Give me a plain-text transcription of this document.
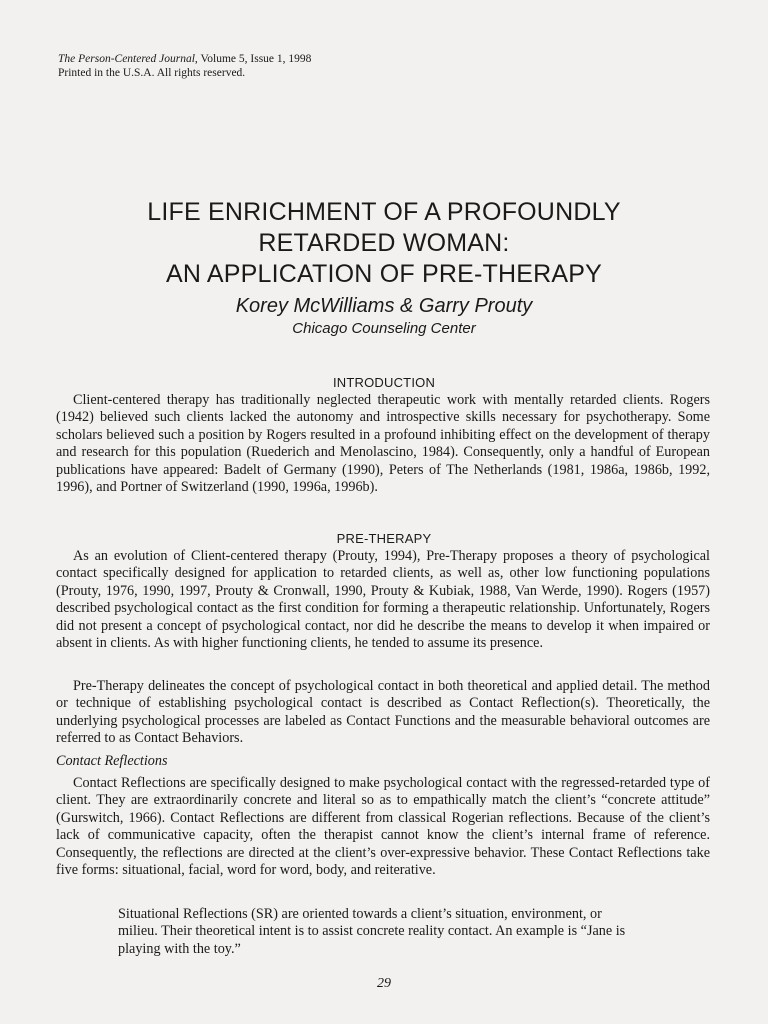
The Person-Centered Journal, Volume 5, Issue 1, 1998
Printed in the U.S.A. All rights reserved.
LIFE ENRICHMENT OF A PROFOUNDLY
RETARDED WOMAN:
AN APPLICATION OF PRE-THERAPY
Korey McWilliams & Garry Prouty
Chicago Counseling Center
INTRODUCTION
Client-centered therapy has traditionally neglected therapeutic work with mentally retarded clients. Rogers (1942) believed such clients lacked the autonomy and introspective skills necessary for psychotherapy. Some scholars believed such a position by Rogers resulted in a profound inhibiting effect on the development of therapy and research for this population (Ruederich and Menolascino, 1984). Consequently, only a handful of European publications have appeared: Badelt of Germany (1990), Peters of The Netherlands (1981, 1986a, 1986b, 1992, 1996), and Portner of Switzerland (1990, 1996a, 1996b).
PRE-THERAPY
As an evolution of Client-centered therapy (Prouty, 1994), Pre-Therapy proposes a theory of psychological contact specifically designed for application to retarded clients, as well as, other low functioning populations (Prouty, 1976, 1990, 1997, Prouty & Cronwall, 1990, Prouty & Kubiak, 1988, Van Werde, 1990). Rogers (1957) described psychological contact as the first condition for forming a therapeutic relationship. Unfortunately, Rogers did not present a concept of psychological contact, nor did he describe the means to develop it when impaired or absent in clients. As with higher functioning clients, he tended to assume its presence.
Pre-Therapy delineates the concept of psychological contact in both theoretical and applied detail. The method or technique of establishing psychological contact is described as Contact Reflection(s). Theoretically, the underlying psychological processes are labeled as Contact Functions and the measurable behavioral outcomes are referred to as Contact Behaviors.
Contact Reflections
Contact Reflections are specifically designed to make psychological contact with the regressed-retarded type of client. They are extraordinarily concrete and literal so as to empathically match the client’s “concrete attitude” (Gurswitch, 1966). Contact Reflections are different from classical Rogerian reflections. Because of the client’s lack of communicative capacity, often the therapist cannot know the client’s internal frame of reference. Consequently, the reflections are directed at the client’s over-expressive behavior. These Contact Reflections take five forms: situational, facial, word for word, body, and reiterative.
Situational Reflections (SR) are oriented towards a client’s situation, environment, or milieu. Their theoretical intent is to assist concrete reality contact. An example is “Jane is playing with the toy.”
29
